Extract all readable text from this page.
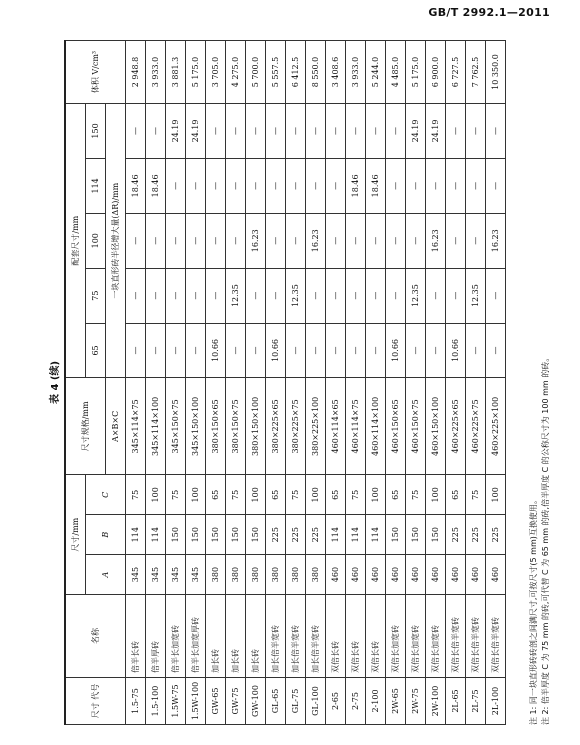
GB/T 2992.1—2011
表 4 (续)
尺寸 代号	名称	尺寸/mm			尺寸规格/mm	配套尺寸/mm					体积 V/cm³
		A	B	C		65	75	100	114	150	
					A×B×C	一块直形砖半径增大量(ΔR)/mm					
1.5-75	倍半长砖	345	114	75	345×114×75	—	—	—	18.46	—	2 948.8
1.5-100	倍半厚砖	345	114	100	345×114×100	—	—	—	18.46	—	3 933.0
1.5W-75	倍半长加宽砖	345	150	75	345×150×75	—	—	—	—	24.19	3 881.3
1.5W-100	倍半长加宽厚砖	345	150	100	345×150×100	—	—	—	—	24.19	5 175.0
GW-65	加长砖	380	150	65	380×150×65	10.66	—	—	—	—	3 705.0
GW-75	加长砖	380	150	75	380×150×75	—	12.35	—	—	—	4 275.0
GW-100	加长砖	380	150	100	380×150×100	—	—	16.23	—	—	5 700.0
GL-65	加长倍半宽砖	380	225	65	380×225×65	10.66	—	—	—	—	5 557.5
GL-75	加长倍半宽砖	380	225	75	380×225×75	—	12.35	—	—	—	6 412.5
GL-100	加长倍半宽砖	380	225	100	380×225×100	—	—	16.23	—	—	8 550.0
2-65	双倍长砖	460	114	65	460×114×65	—	—	—	—	—	3 408.6
2-75	双倍长砖	460	114	75	460×114×75	—	—	—	18.46	—	3 933.0
2-100	双倍长砖	460	114	100	460×114×100	—	—	—	18.46	—	5 244.0
2W-65	双倍长加宽砖	460	150	65	460×150×65	10.66	—	—	—	—	4 485.0
2W-75	双倍长加宽砖	460	150	75	460×150×75	—	12.35	—	—	24.19	5 175.0
2W-100	双倍长加宽砖	460	150	100	460×150×100	—	—	16.23	—	24.19	6 900.0
2L-65	双倍长倍半宽砖	460	225	65	460×225×65	10.66	—	—	—	—	6 727.5
2L-75	双倍长倍半宽砖	460	225	75	460×225×75	—	12.35	—	—	—	7 762.5
2L-100	双倍长倍半宽砖	460	225	100	460×225×100	—	—	16.23	—	—	10 350.0
注 1: 同一块直形砖砖剖之间满尺寸,可按尺寸(5 mm)互换使用。 注 2: 倍半厚度 C 为 75 mm 的砖,可代替 C 为 65 mm 的砖,倍半厚度 C 的公称尺寸为 100 mm 的砖。
